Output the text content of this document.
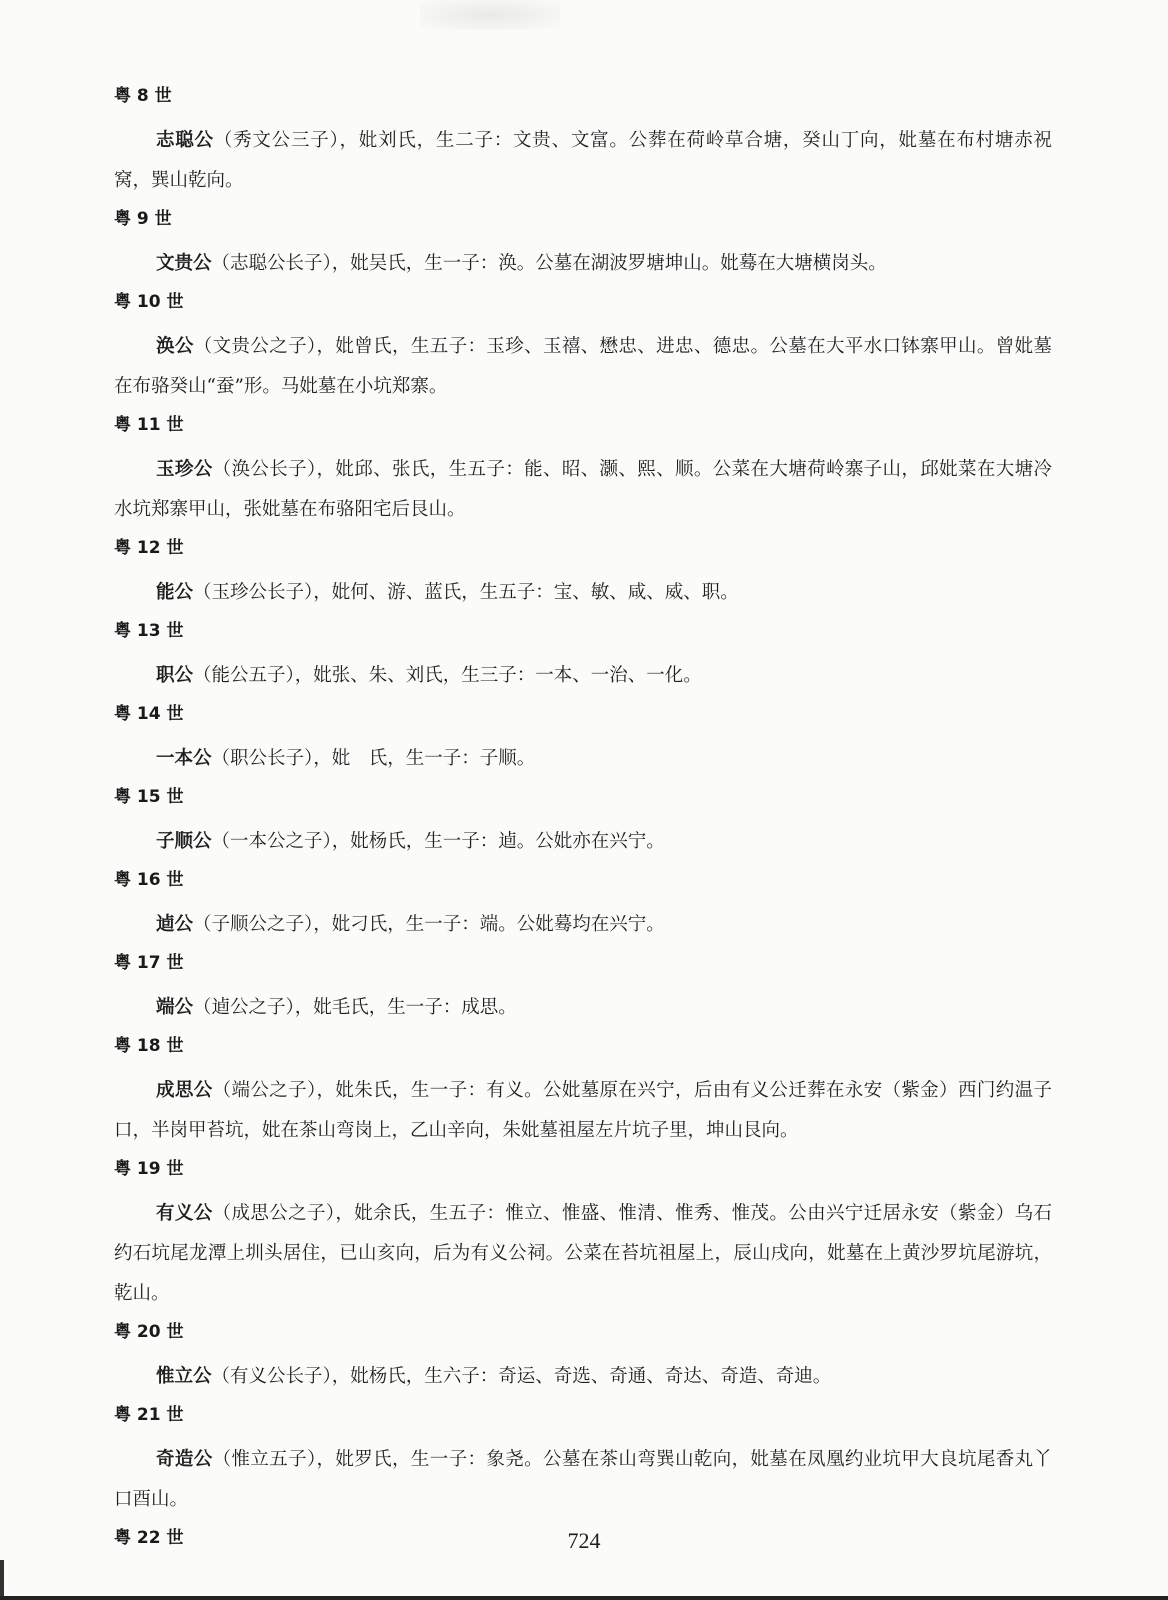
粤 8 世

志聪公（秀文公三子），妣刘氏，生二子：文贵、文富。公葬在荷岭草合塘，癸山丁向，妣墓在布村塘赤祝窝，巽山乾向。

粤 9 世

文贵公（志聪公长子），妣吴氏，生一子：涣。公墓在湖波罗塘坤山。妣蓦在大塘横岗头。

粤 10 世

涣公（文贵公之子），妣曾氏，生五子：玉珍、玉禧、懋忠、进忠、德忠。公墓在大平水口钵寨甲山。曾妣墓在布骆癸山“蚕”形。马妣墓在小坑郑寨。

粤 11 世

玉珍公（涣公长子），妣邱、张氏，生五子：能、昭、灏、熙、顺。公菜在大塘荷岭寨子山，邱妣菜在大塘冷水坑郑寨甲山，张妣墓在布骆阳宅后艮山。

粤 12 世

能公（玉珍公长子），妣何、游、蓝氏，生五子：宝、敏、咸、威、职。

粤 13 世

职公（能公五子），妣张、朱、刘氏，生三子：一本、一治、一化。

粤 14 世

一本公（职公长子），妣　氏，生一子：子顺。

粤 15 世

子顺公（一本公之子），妣杨氏，生一子：逌。公妣亦在兴宁。

粤 16 世

逌公（子顺公之子），妣刁氏，生一子：端。公妣蓦均在兴宁。

粤 17 世

端公（逌公之子），妣毛氏，生一子：成思。

粤 18 世

成思公（端公之子），妣朱氏，生一子：有义。公妣墓原在兴宁，后由有义公迁葬在永安（紫金）西门约温子口，半岗甲苔坑，妣在茶山弯岗上，乙山辛向，朱妣墓祖屋左片坑子里，坤山艮向。

粤 19 世

有义公（成思公之子），妣余氏，生五子：惟立、惟盛、惟清、惟秀、惟茂。公由兴宁迁居永安（紫金）乌石约石坑尾龙潭上圳头居住，已山亥向，后为有义公祠。公菜在苔坑祖屋上，辰山戌向，妣墓在上黄沙罗坑尾游坑，乾山。

粤 20 世

惟立公（有义公长子），妣杨氏，生六子：奇运、奇选、奇通、奇达、奇造、奇迪。

粤 21 世

奇造公（惟立五子），妣罗氏，生一子：象尧。公墓在茶山弯巽山乾向，妣墓在凤凰约业坑甲大良坑尾香丸丫口酉山。

粤 22 世	724
